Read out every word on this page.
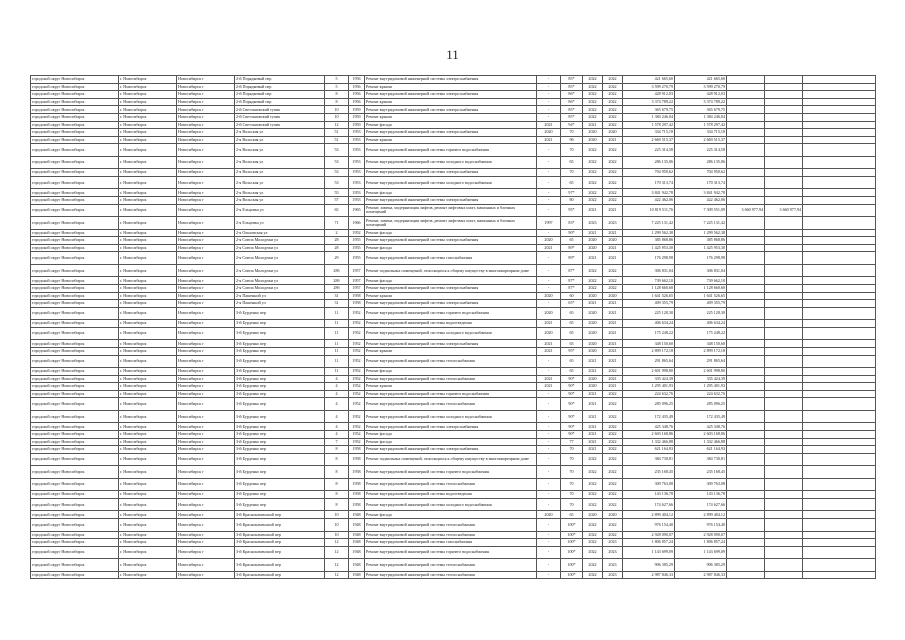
11
городской округ Новосибирск	г. Новосибирск	Новосибирск г	2-й Порядковый пер	5	1956	Ремонт внутридомовой инженерной системы электроснабжения	-	85*	2022	2022	421 665,60	421 665,60			
городской округ Новосибирск	г. Новосибирск	Новосибирск г	2-й Порядковый пер	5	1956	Ремонт крыши	-	85*	2022	2022	3 599 270,79	3 599 270,79			
городской округ Новосибирск	г. Новосибирск	Новосибирск г	2-й Порядковый пер	8	1956	Ремонт внутридомовой инженерной системы электроснабжения	-	86*	2022	2022	428 912,03	428 912,03			
городской округ Новосибирск	г. Новосибирск	Новосибирск г	2-й Порядковый пер	8	1956	Ремонт крыши	-	86*	2022	2022	3 374 789,22	3 374 789,22			
городской округ Новосибирск	г. Новосибирск	Новосибирск г	2-й Светлановский тупик	10	1959	Ремонт внутридомовой инженерной системы электроснабжения	-	85*	2022	2022	365 679,75	365 679,75			
городской округ Новосибирск	г. Новосибирск	Новосибирск г	2-й Светлановский тупик	10	1959	Ремонт крыши	-	85*	2022	2022	1 384 246,04	1 384 246,04			
городской округ Новосибирск	г. Новосибирск	Новосибирск г	2-й Светлановский тупик	12	1959	Ремонт фасада	2021	94*	2021	2022	1 578 297,42	1 578 297,42			
городской округ Новосибирск	г. Новосибирск	Новосибирск г	2-я Вольская ул	51	1953	Ремонт внутридомовой инженерной системы электроснабжения	2020	70	2020	2020	334 715,18	334 715,18			
городской округ Новосибирск	г. Новосибирск	Новосибирск г	2-я Вольская ул	51	1953	Ремонт крыши	2021	96	2020	2021	2 669 515,37	2 669 515,37			
городской округ Новосибирск	г. Новосибирск	Новосибирск г	2-я Вольская ул	53	1953	Ремонт внутридомовой инженерной системы горячего водоснабжения	-	70	2022	2022	225 314,58	225 314,58			
городской округ Новосибирск	г. Новосибирск	Новосибирск г	2-я Вольская ул	53	1953	Ремонт внутридомовой инженерной системы холодного водоснабжения	-	65	2022	2022	286 135,06	286 135,06			
городской округ Новосибирск	г. Новосибирск	Новосибирск г	2-я Вольская ул	53	1953	Ремонт внутридомовой инженерной системы электроснабжения	-	70	2022	2022	704 950,62	704 950,62			
городской округ Новосибирск	г. Новосибирск	Новосибирск г	2-я Вольская ул	53	1953	Ремонт внутридомовой инженерной системы холодного водоснабжения	-	65	2022	2022	170 313,74	170 313,74			
городской округ Новосибирск	г. Новосибирск	Новосибирск г	2-я Вольская ул	55	1953	Ремонт фасада	-	97*	2022	2022	3 841 942,78	3 841 942,78			
городской округ Новосибирск	г. Новосибирск	Новосибирск г	2-я Вольская ул	57	1953	Ремонт внутридомовой инженерной системы электроснабжения	-	80	2022	2022	422 462,06	422 462,06			
городской округ Новосибирск	г. Новосибирск	Новосибирск г	2-я Ельцовка ул	65	1965	Ремонт, замена, модернизация лифтов, ремонт лифтовых шахт, машинных и блочных помещений	-	95*	2021	2021	10 819 511,76	7 309 551,09	3 660 977,94	3 660 977,94	
городской округ Новосибирск	г. Новосибирск	Новосибирск г	2-я Ельцовка ул	71	1966	Ремонт, замена, модернизация лифтов, ремонт лифтовых шахт, машинных и блочных помещений	1997	83*	2023	2023	7 225 131,42	7 225 131,42			
городской округ Новосибирск	г. Новосибирск	Новосибирск г	2-я Ольховская ул	2	1952	Ремонт фасада	-	90*	2021	2021	1 299 562,38	1 299 562,38			
городской округ Новосибирск	г. Новосибирск	Новосибирск г	2-я Союза Молодежи ул	28	1955	Ремонт внутридомовой инженерной системы электроснабжения	2020	65	2020	2020	385 868,86	385 868,86			
городской округ Новосибирск	г. Новосибирск	Новосибирск г	2-я Союза Молодежи ул	28	1955	Ремонт фасада	2021	89*	2020	2021	1 425 953,30	1 425 953,30			
городской округ Новосибирск	г. Новосибирск	Новосибирск г	2-я Союза Молодежи ул	29	1955	Ремонт внутридомовой инженерной системы газоснабжения	-	89*	2021	2021	176 298,98	176 298,98			
городской округ Новосибирск	г. Новосибирск	Новосибирск г	2-я Союза Молодежи ул	28б	1957	Ремонт подвальных помещений, относящихся к общему имуществу в многоквартирном доме	-	87*	2022	2022	306 831,04	306 831,04			
городской округ Новосибирск	г. Новосибирск	Новосибирск г	2-я Союза Молодежи ул	28б	1957	Ремонт фасада	-	87*	2022	2022	739 662,10	739 662,10			
городской округ Новосибирск	г. Новосибирск	Новосибирск г	2-я Союза Молодежи ул	28б	1957	Ремонт внутридомовой инженерной системы электроснабжения	-	87*	2022	2022	1 128 660,60	1 128 660,60			
городской округ Новосибирск	г. Новосибирск	Новосибирск г	2-я Пашенной ул	31	1958	Ремонт крыши	2020	60	2020	2020	1 641 526,65	1 641 526,65			
городской округ Новосибирск	г. Новосибирск	Новосибирск г	2-я Пашенной ул	31	1958	Ремонт внутридомовой инженерной системы электроснабжения	-	65*	2021	2021	409 355,79	409 355,79			
городской округ Новосибирск	г. Новосибирск	Новосибирск г	3-й Бурденко пер	11	1952	Ремонт внутридомовой инженерной системы горячего водоснабжения	2020	65	2020	2021	225 128,30	225 128,30			
городской округ Новосибирск	г. Новосибирск	Новосибирск г	3-й Бурденко пер	11	1952	Ремонт внутридомовой инженерной системы водоотведения	2021	65	2020	2021	406 634,24	406 634,24			
городской округ Новосибирск	г. Новосибирск	Новосибирск г	3-й Бурденко пер	11	1952	Ремонт внутридомовой инженерной системы холодного водоснабжения	2020	65	2020	2021	175 248,22	175 248,22			
городской округ Новосибирск	г. Новосибирск	Новосибирск г	3-й Бурденко пер	11	1952	Ремонт внутридомовой инженерной системы электроснабжения	2021	65	2020	2021	348 150,60	348 150,60			
городской округ Новосибирск	г. Новосибирск	Новосибирск г	3-й Бурденко пер	11	1952	Ремонт крыши	2021	95*	2020	2021	2 899 172,18	2 899 172,18			
городской округ Новосибирск	г. Новосибирск	Новосибирск г	3-й Бурденко пер	11	1952	Ремонт внутридомовой инженерной системы теплоснабжения	-	65	2021	2021	291 865,64	291 865,64			
городской округ Новосибирск	г. Новосибирск	Новосибирск г	3-й Бурденко пер	11	1952	Ремонт фасада	-	65	2021	2022	2 601 998,80	2 601 998,80			
городской округ Новосибирск	г. Новосибирск	Новосибирск г	3-й Бурденко пер	4	1952	Ремонт внутридомовой инженерной системы теплоснабжения	2021	90*	2020	2021	335 424,39	335 424,39			
городской округ Новосибирск	г. Новосибирск	Новосибирск г	3-й Бурденко пер	4	1952	Ремонт крыши	2021	90*	2020	2021	1 295 401,93	1 295 401,93			
городской округ Новосибирск	г. Новосибирск	Новосибирск г	3-й Бурденко пер	4	1952	Ремонт внутридомовой инженерной системы горячего водоснабжения	-	90*	2021	2022	224 632,76	224 632,76			
городской округ Новосибирск	г. Новосибирск	Новосибирск г	3-й Бурденко пер	4	1952	Ремонт внутридомовой инженерной системы теплоснабжения	-	90*	2021	2022	285 096,25	285 096,25			
городской округ Новосибирск	г. Новосибирск	Новосибирск г	3-й Бурденко пер	4	1952	Ремонт внутридомовой инженерной системы холодного водоснабжения	-	90*	2021	2022	172 435,49	172 435,49			
городской округ Новосибирск	г. Новосибирск	Новосибирск г	3-й Бурденко пер	4	1952	Ремонт внутридомовой инженерной системы электроснабжения	-	90*	2021	2022	425 348,76	425 348,76			
городской округ Новосибирск	г. Новосибирск	Новосибирск г	3-й Бурденко пер	4	1952	Ремонт фасада	-	90*	2021	2022	2 603 168,86	2 603 168,86			
городской округ Новосибирск	г. Новосибирск	Новосибирск г	3-й Бурденко пер	7	1952	Ремонт фасада	-	77	2021	2022	1 332 466,88	1 332 466,88			
городской округ Новосибирск	г. Новосибирск	Новосибирск г	3-й Бурденко пер	8	1958	Ремонт внутридомовой инженерной системы электроснабжения	-	70	2021	2022	621 164,93	621 164,93			
городской округ Новосибирск	г. Новосибирск	Новосибирск г	3-й Бурденко пер	8	1958	Ремонт подвальных помещений, относящихся к общему имуществу в многоквартирном доме	-	70	2022	2022	384 730,81	384 730,81			
городской округ Новосибирск	г. Новосибирск	Новосибирск г	3-й Бурденко пер	8	1958	Ремонт внутридомовой инженерной системы горячего водоснабжения	-	70	2022	2022	235 168,45	235 168,45			
городской округ Новосибирск	г. Новосибирск	Новосибирск г	3-й Бурденко пер	8	1958	Ремонт внутридомовой инженерной системы теплоснабжения	-	70	2022	2022	309 763,08	309 763,08			
городской округ Новосибирск	г. Новосибирск	Новосибирск г	3-й Бурденко пер	8	1958	Ремонт внутридомовой инженерной системы водоотведения	-	70	2022	2022	143 136,78	143 136,78			
городской округ Новосибирск	г. Новосибирск	Новосибирск г	3-й Бурденко пер	8	1958	Ремонт внутридомовой инженерной системы холодного водоснабжения	-	70	2022	2022	174 627,66	174 627,66			
городской округ Новосибирск	г. Новосибирск	Новосибирск г	3-й Краснокаменский пер	10	1948	Ремонт фасада	2020	65	2020	2020	2 899 404,12	2 899 404,12			
городской округ Новосибирск	г. Новосибирск	Новосибирск г	3-й Краснокаменский пер	10	1948	Ремонт внутридомовой инженерной системы теплоснабжения	-	100*	2022	2022	976 154,40	976 154,40			
городской округ Новосибирск	г. Новосибирск	Новосибирск г	3-й Краснокаменский пер	10	1948	Ремонт внутридомовой инженерной системы теплоснабжения	-	100*	2022	2022	2 928 090,07	2 928 090,07			
городской округ Новосибирск	г. Новосибирск	Новосибирск г	3-й Краснокаменский пер	12	1948	Ремонт внутридомовой инженерной системы газоснабжения	-	100*	2022	2023	1 806 857,24	1 806 857,24			
городской округ Новосибирск	г. Новосибирск	Новосибирск г	3-й Краснокаменский пер	12	1948	Ремонт внутридомовой инженерной системы горячего водоснабжения	-	100*	2022	2023	1 143 699,09	1 143 699,09			
городской округ Новосибирск	г. Новосибирск	Новосибирск г	3-й Краснокаменский пер	12	1948	Ремонт внутридомовой инженерной системы теплоснабжения	-	100*	2022	2023	906 385,29	906 385,29			
городской округ Новосибирск	г. Новосибирск	Новосибирск г	3-й Краснокаменский пер	12	1948	Ремонт внутридомовой инженерной системы теплоснабжения	-	100*	2022	2023	2 987 846,33	2 987 846,33			
